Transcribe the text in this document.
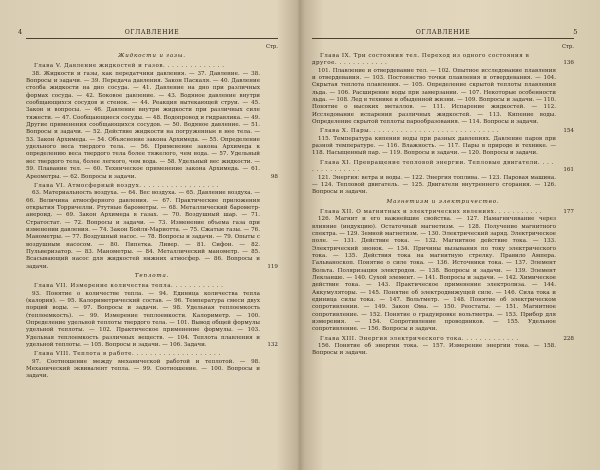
4	ОГЛАВЛЕНИЕ
Стр.
Жидкости и газы.
Глава V. Давление жидкостей и газов. . . . . . . . . . . . . .
38. Жидкости и газы, как передатчики давления. — 37. Давление. — 38. Вопросы и задачи. — 39. Передача давления. Закон Паскаля. — 40. Давление столба жидкости на дно сосуда. — 41. Давление на дно при различных формах сосуда. — 42. Боковое давление. — 43. Водяное давление внутри сообщающихся сосудов и стенок. — 44. Реакция вытекающей струи. — 45. Закон и вопросы. — 46. Давление внутри жидкости при различных силе тяжести. — 47. Сообщающиеся сосуды. — 48. Водопровод и гидравлика. — 49. Другие применения сообщающихся сосудов. — 50. Водяное давление. — 51. Вопросы и задачи. — 52. Действие жидкости на погруженные в нее тела. — 53. Закон Архимеда. — 54. Объяснение закона Архимеда. — 55. Определение удельного веса твердого тела. — 56. Применение закона Архимеда к определению веса твердого тела более тяжелого, чем вода. — 57. Удельный вес твердого тела, более легкого, чем вода. — 58. Удельный вес жидкости. — 59. Плавание тел. — 60. Техническое применение закона Архимеда. — 61. Ареометры. — 62. Вопросы и задачи.	98
Глава VI. Атмосферный воздух. . . . . . . . . . . . . . . . . .
63. Материальность воздуха. — 64. Вес воздуха. — 65. Давление воздуха. — 66. Величина атмосферного давления. — 67. Практические приложения открытия Торричелли. Ртутные барометры. — 68. Металлический барометр-анероид. — 69. Закон Архимеда в газах. — 70. Воздушный шар. — 71. Стратостат. — 72. Вопросы и задачи. — 73. Изменение объема газа при изменении давления. — 74. Закон Бойля-Мариотта. — 75. Сжатые газы. — 76. Манометры. — 77. Воздушный насос. — 78. Вопросы и задачи. — 79. Опыты с воздушным насосом. — 80. Пипетка. Ливер. — 81. Сифон. — 82. Пульверизатор. — 83. Манометры. — 84. Металлический манометр. — 85. Всасывающий насос для жидкостей нижних атмосфер. — 86. Вопросы и задачи.	119
Теплота.
Глава VII. Измерение количества тепла. . . . . . . . . . . .
93. Понятие о количестве тепла. — 94. Единица количества тепла (калория). — 95. Калориметрический состав. — 96. Температура смеси двух порций воды. — 97. Вопросы и задачи. — 98. Удельная теплоемкость (теплоемкость). — 99. Измерение теплоемкости. Калориметр. — 100. Определение удельной теплоты твердого тела. — 101. Вывод общей формулы удельной теплоты. — 102. Практическое применение формулы. — 103. Удельная теплоемкость различных веществ. — 104. Теплота плавления и удельной теплоты. — 105. Вопросы и задачи. — 106. Задачи.	132
Глава VIII. Теплота в работе. . . . . . . . . . . . . . . . . . . .
97. Соотношение между механической работой и теплотой. — 98. Механический эквивалент тепла. — 99. Соотношение. — 100. Вопросы и задачи.
ОГЛАВЛЕНИЕ	5
Стр.
Глава IX. Три состояния тел. Переход из одного состояния в другое. . . . . . . . . . . .	136
101. Плавление и отвердевание тел. — 102. Опытное исследование плавления и отвердевания. — 103. Постоянство точки плавления и отвердевания. — 104. Скрытая теплота плавления. — 105. Определение скрытой теплоты плавления льда. — 106. Расширение воды при замерзании. — 107. Некоторые особенности льда. — 108. Лед в технике и обыденной жизни. — 109. Вопросы и задачи. — 110. Понятие о высоких металлов. — 111. Испарение жидкостей. — 112. Исследование испарения различных жидкостей. — 113. Кипение воды. Определение скрытой теплоты парообразования. — 114. Вопросы и задачи.
Глава X. Пары. . . . . . . . . . . . . . . . . . . . . . . . . . . . .	154
115. Температура кипения воды при разных давлениях. Давление паров при разной температуре. — 116. Влажность. — 117. Пары в природе и технике. — 118. Насыщенный пар. — 119. Вопросы и задачи. — 120. Вопросы и задачи.
Глава XI. Превращение тепловой энергии. Тепловые двигатели. . . . . . . . . . . . . . .	161
121. Энергия: ветра и воды. — 122. Энергия топлива. — 123. Паровая машина. — 124. Тепловой двигатель. — 125. Двигатели внутреннего сгорания. — 126. Вопросы и задачи.
Магнетизм и электричество.
Глава XII. О магнитных и электрических явлениях. . . . . . . . . . .	177
126. Магнит и его важнейшие свойства. — 127. Намагничивание через влияние (индукцию). Остаточный магнетизм. — 128. Получение магнитного спектра. — 129. Земной магнетизм. — 130. Электрический заряд. Электрическое поле. — 131. Действие тока. — 132. Магнитное действие тока. — 133. Электрический звонок. — 134. Причины вызывания по току электрического тока. — 135. Действия тока на магнитную стрелку. Правило Ампера. Гальваноскоп. Понятие о силе тока. — 136. Источники тока. — 137. Элемент Вольта. Поляризация электродов. — 138. Вопросы и задачи. — 139. Элемент Лекланше. — 140. Сухой элемент. — 141. Вопросы и задачи. — 142. Химическое действие тока. — 143. Практическое применение электролиза. — 144. Аккумуляторы. — 145. Понятие об электродвижущей силе. — 146. Сила тока и единица силы тока. — 147. Вольтметр. — 148. Понятие об электрическом сопротивлении. — 149. Закон Ома. — 150. Реостаты. — 151. Магнитное сопротивление. — 152. Понятие о градуировке вольтметра. — 153. Прибор для измерения. — 154. Сопротивление проводников. — 155. Удельное сопротивление. — 156. Вопросы и задачи.
Глава XIII. Энергия электрического тока. . . . . . . . . . . . .	228
156. Понятие об энергии тока. — 157. Измерение энергии тока. — 158. Вопросы и задачи.
